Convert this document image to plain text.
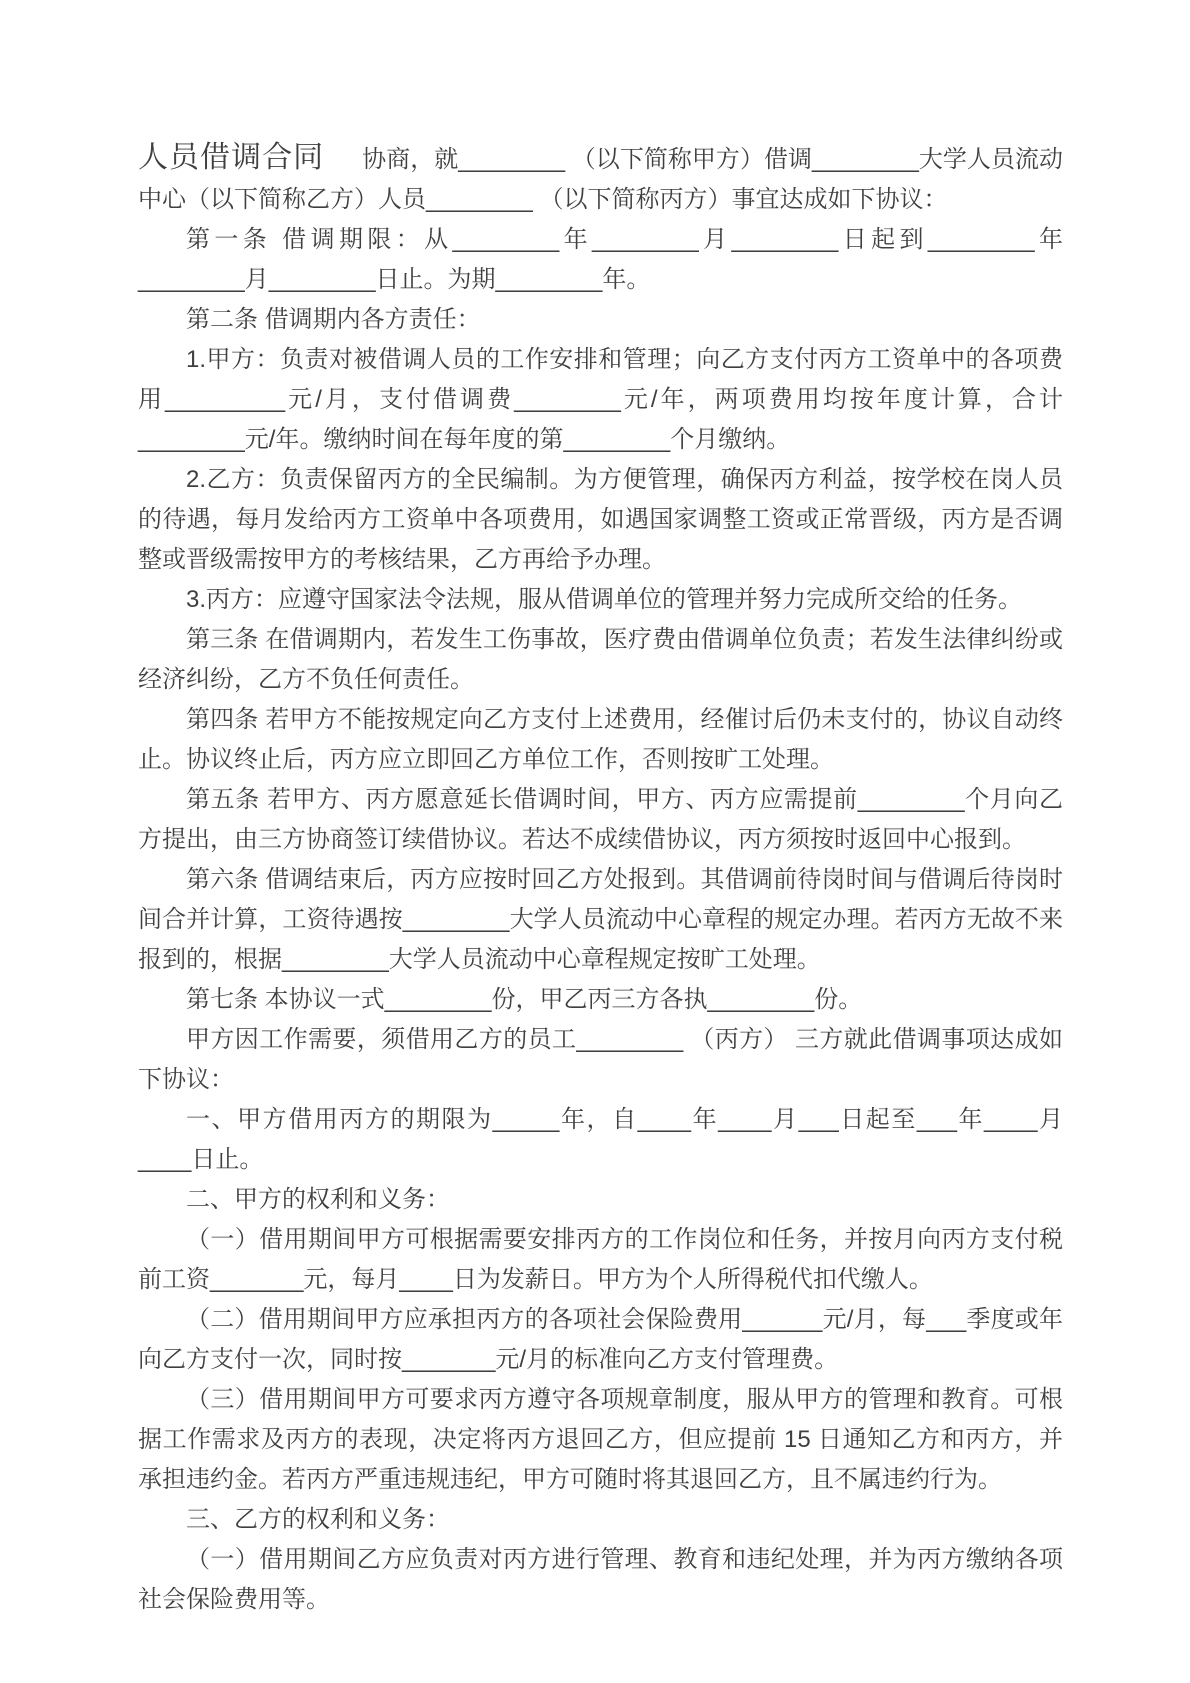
人员借调合同 协商，就________ （以下简称甲方）借调________大学人员流动中心（以下简称乙方）人员________ （以下简称丙方）事宜达成如下协议：

第一条 借调期限：从________年________月________日起到________年________月________日止。为期________年。

第二条 借调期内各方责任：

1.甲方：负责对被借调人员的工作安排和管理；向乙方支付丙方工资单中的各项费用_________元/月，支付借调费________元/年，两项费用均按年度计算，合计________元/年。缴纳时间在每年度的第________个月缴纳。

2.乙方：负责保留丙方的全民编制。为方便管理，确保丙方利益，按学校在岗人员的待遇，每月发给丙方工资单中各项费用，如遇国家调整工资或正常晋级，丙方是否调整或晋级需按甲方的考核结果，乙方再给予办理。

3.丙方：应遵守国家法令法规，服从借调单位的管理并努力完成所交给的任务。

第三条 在借调期内，若发生工伤事故，医疗费由借调单位负责；若发生法律纠纷或经济纠纷，乙方不负任何责任。

第四条 若甲方不能按规定向乙方支付上述费用，经催讨后仍未支付的，协议自动终止。协议终止后，丙方应立即回乙方单位工作，否则按旷工处理。

第五条 若甲方、丙方愿意延长借调时间，甲方、丙方应需提前________个月向乙方提出，由三方协商签订续借协议。若达不成续借协议，丙方须按时返回中心报到。

第六条 借调结束后，丙方应按时回乙方处报到。其借调前待岗时间与借调后待岗时间合并计算，工资待遇按________大学人员流动中心章程的规定办理。若丙方无故不来报到的，根据________大学人员流动中心章程规定按旷工处理。

第七条 本协议一式________份，甲乙丙三方各执________份。

甲方因工作需要，须借用乙方的员工________ （丙方） 三方就此借调事项达成如下协议：

一、甲方借用丙方的期限为_____年，自____年____月___日起至___年____月____日止。

二、甲方的权利和义务：

（一）借用期间甲方可根据需要安排丙方的工作岗位和任务，并按月向丙方支付税前工资_______元，每月____日为发薪日。甲方为个人所得税代扣代缴人。

（二）借用期间甲方应承担丙方的各项社会保险费用______元/月，每___季度或年向乙方支付一次，同时按_______元/月的标准向乙方支付管理费。

（三）借用期间甲方可要求丙方遵守各项规章制度，服从甲方的管理和教育。可根据工作需求及丙方的表现，决定将丙方退回乙方，但应提前 15 日通知乙方和丙方，并承担违约金。若丙方严重违规违纪，甲方可随时将其退回乙方，且不属违约行为。

三、乙方的权利和义务：

（一）借用期间乙方应负责对丙方进行管理、教育和违纪处理，并为丙方缴纳各项社会保险费用等。
